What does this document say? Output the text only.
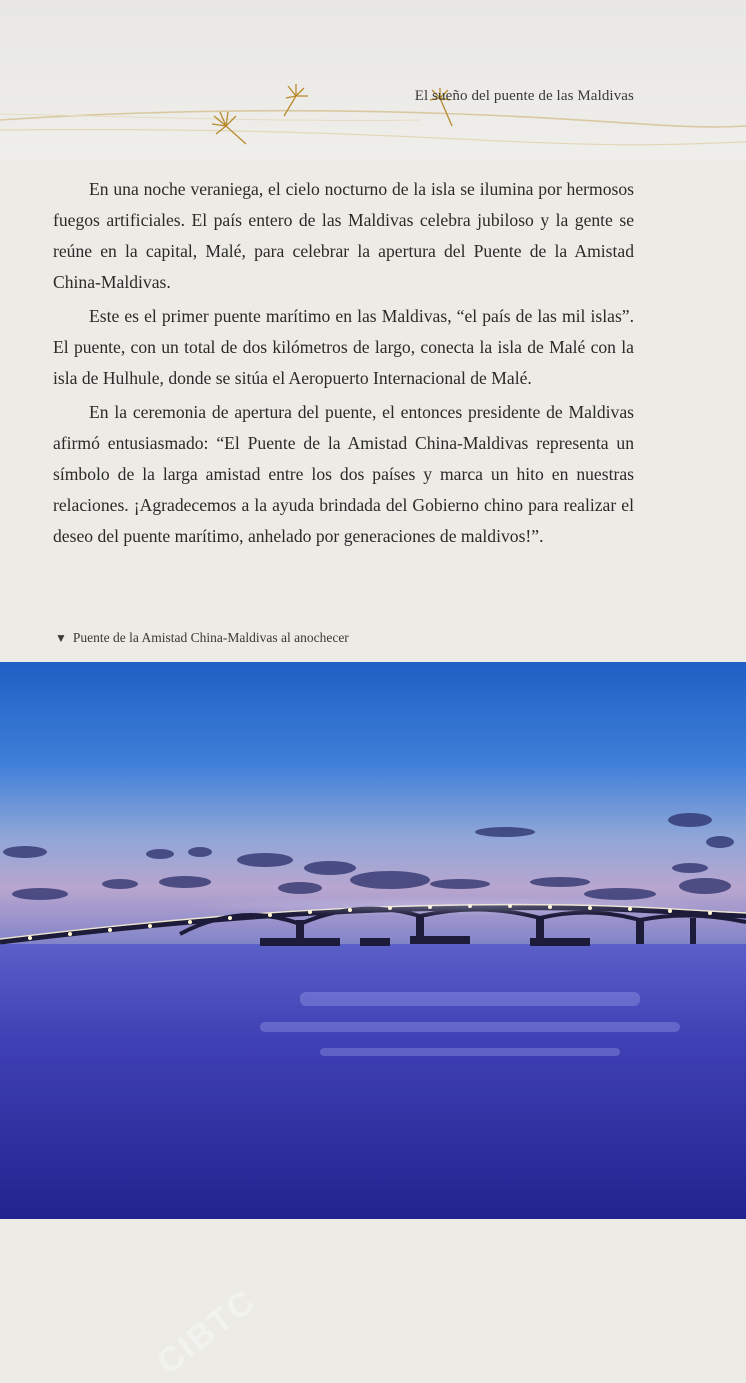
El sueño del puente de las Maldivas

En una noche veraniega, el cielo nocturno de la isla se ilumina por hermosos fuegos artificiales. El país entero de las Maldivas celebra jubiloso y la gente se reúne en la capital, Malé, para celebrar la apertura del Puente de la Amistad China-Maldivas.

Este es el primer puente marítimo en las Maldivas, “el país de las mil islas”. El puente, con un total de dos kilómetros de largo, conecta la isla de Malé con la isla de Hulhule, donde se sitúa el Aeropuerto Internacional de Malé.

En la ceremonia de apertura del puente, el entonces presidente de Maldivas afirmó entusiasmado: “El Puente de la Amistad China-Maldivas representa un símbolo de la larga amistad entre los dos países y marca un hito en nuestras relaciones. ¡Agradecemos a la ayuda brindada del Gobierno chino para realizar el deseo del puente marítimo, anhelado por generaciones de maldivos!”.

▼ Puente de la Amistad China-Maldivas al anochecer
CIBTC
